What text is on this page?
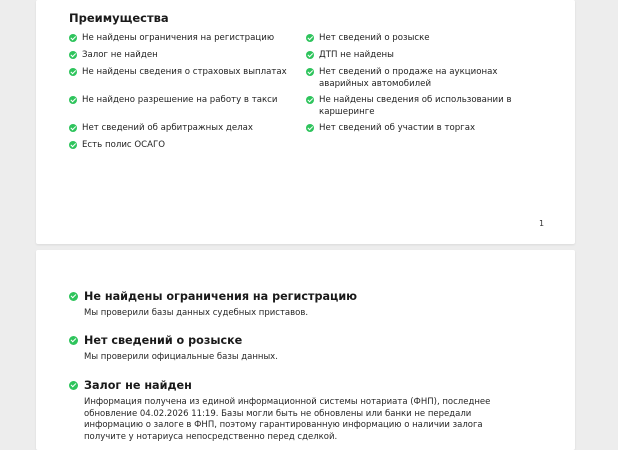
Преимущества
Не найдены ограничения на регистрацию
Залог не найден
Не найдены сведения о страховых выплатах
Не найдено разрешение на работу в такси
Нет сведений об арбитражных делах
Есть полис ОСАГО
Нет сведений о розыске
ДТП не найдены
Нет сведений о продаже на аукционах аварийных автомобилей
Не найдены сведения об использовании в каршеринге
Нет сведений об участии в торгах
1
Не найдены ограничения на регистрацию
Мы проверили базы данных судебных приставов.
Нет сведений о розыске
Мы проверили официальные базы данных.
Залог не найден
Информация получена из единой информационной системы нотариата (ФНП), последнее обновление 04.02.2026 11:19. Базы могли быть не обновлены или банки не передали информацию о залоге в ФНП, поэтому гарантированную информацию о наличии залога получите у нотариуса непосредственно перед сделкой.
